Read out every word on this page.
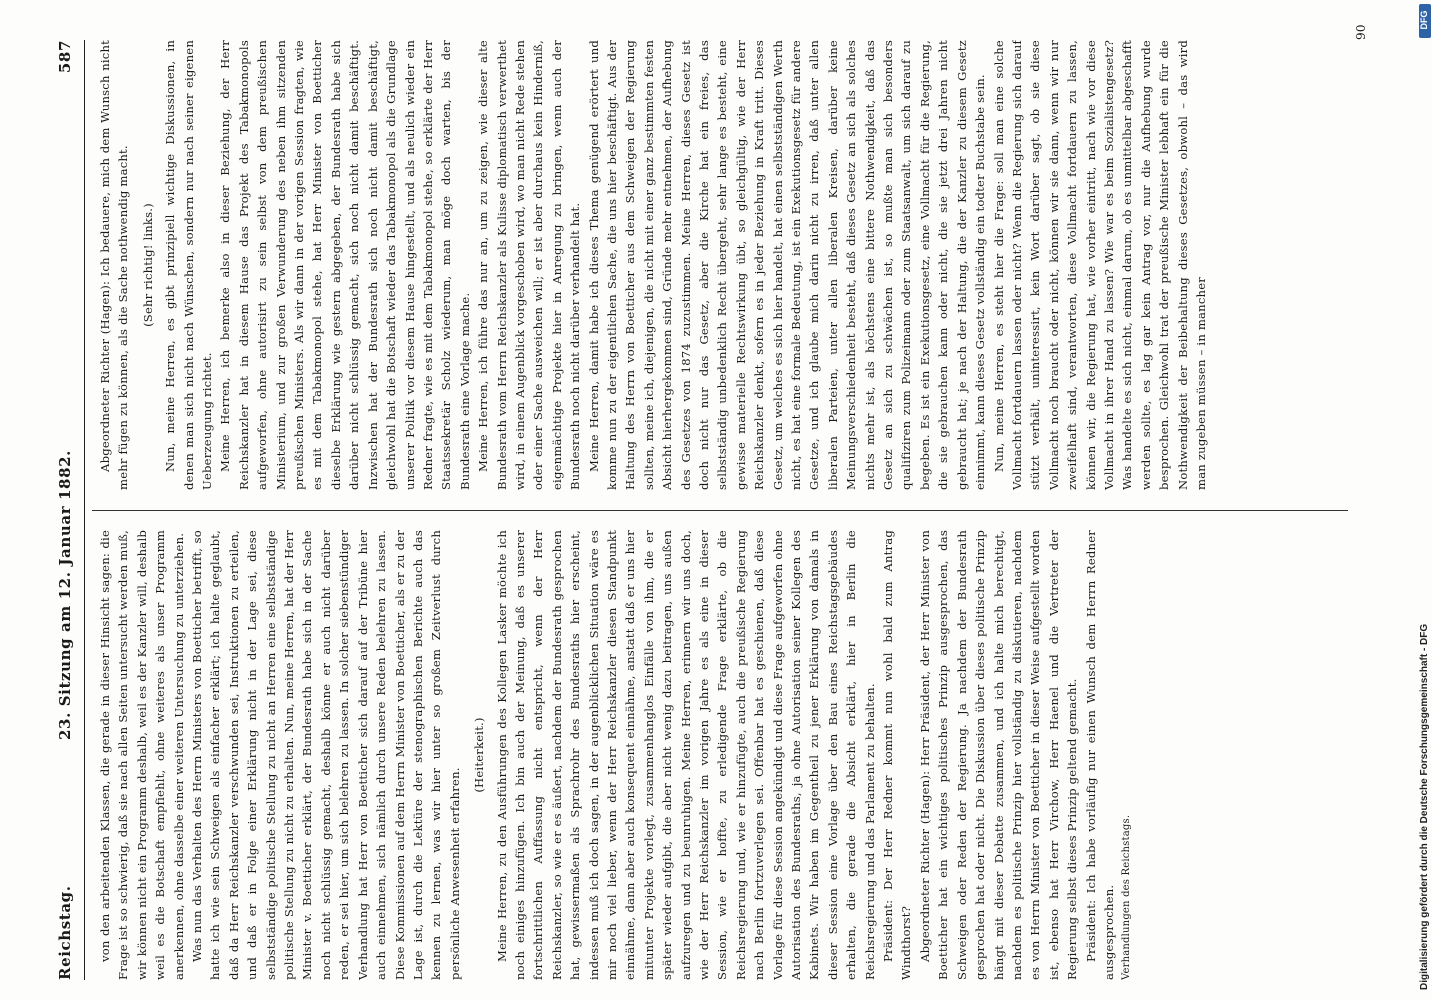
Reichstag.
23. Sitzung am 12. Januar 1882.
587

von den arbeitenden Klassen, die gerade in dieser Hinsicht sagen: die Frage ist so schwierig, daß sie nach allen Seiten untersucht werden muß, wir können nicht ein Programm deshalb, weil es der Kanzler will, deshalb weil es die Botschaft empfiehlt, ohne weiteres als unser Programm anerkennen, ohne dasselbe einer weiteren Untersuchung zu unterziehen. Was nun das Verhalten des Herrn Ministers von Boetticher betrifft, so hatte ich wie sein Schweigen als einfacher erklärt; ich halte geglaubt, daß da Herr Reichskanzler verschwunden sei, Instruktionen zu erteilen, und daß er in Folge einer Erklärung nicht in der Lage sei, diese selbstständige politische Stellung zu nicht an Herren eine selbstständige politische Stellung zu nicht zu erhalten. Nun, meine Herren, hat der Herr Minister v. Boetticher erklärt, der Bundesrath habe sich in der Sache noch nicht schlüssig gemacht, deshalb könne er auch nicht darüber reden, er sei hier, um sich belehren zu lassen. In solcher siebenstündiger Verhandlung hat Herr von Boetticher sich darauf auf der Tribüne hier auch einnehmen, sich nämlich durch unsere Reden belehren zu lassen. Diese Kommissionen auf dem Herrn Minister von Boetticher, als er zu der Lage ist, durch die Lektüre der stenographischen Berichte auch das kennen zu lernen, was wir hier unter so großem Zeitverlust durch persönliche Anwesenheit erfahren.

(Heiterkeit.) Meine Herren, zu den Ausführungen des Kollegen Lasker möchte ich noch einiges hinzufügen. Ich bin auch der Meinung, daß es unserer fortschrittlichen Auffassung nicht entspricht, wenn der Herr Reichskanzler, so wie er es äußert, nachdem der Bundesrath gesprochen hat, gewissermaßen als Sprachrohr des Bundesraths hier erscheint, indessen muß ich doch sagen, in der augenblicklichen Situation wäre es mir noch viel lieber, wenn der Herr Reichskanzler diesen Standpunkt einnähme, dann aber auch konsequent einnähme, anstatt daß er uns hier mitunter Projekte vorlegt, zusammenhanglos Einfälle von ihm, die er später wieder aufgibt, die aber nicht wenig dazu beitragen, uns außen aufzuregen und zu beunruhigen. Meine Herren, erinnern wir uns doch, wie der Herr Reichskanzler im vorigen Jahre es als eine in dieser Session, wie er hoffte, zu erledigende Frage erklärte, ob die Reichsregierung und, wie er hinzufügte, auch die preußische Regierung nach Berlin fortzuverlegen sei. Offenbar hat es geschienen, daß diese Vorlage für diese Session angekündigt und diese Frage aufgeworfen ohne Autorisation des Bundesraths, ja ohne Autorisation seiner Kollegen des Kabinets. Wir haben im Gegentheil zu jener Erklärung von damals in dieser Session eine Vorlage über den Bau eines Reichstagsgebäudes erhalten, die gerade die Absicht erklärt, hier in Berlin die Reichsregierung und das Parlament zu behalten. Präsident: Der Herr Redner kommt nun wohl bald zum Antrag Windthorst? Abgeordneter Richter (Hagen): Herr Präsident, der Herr Minister von Boetticher hat ein wichtiges politisches Prinzip ausgesprochen, das Schweigen oder Reden der Regierung. Ja nachdem der Bundesrath gesprochen hat oder nicht. Die Diskussion über dieses politische Prinzip hängt mit dieser Debatte zusammen, und ich halte mich berechtigt, nachdem es politische Prinzip hier vollständig zu diskutieren, nachdem es von Herrn Minister von Boetticher in dieser Weise aufgestellt worden ist, ebenso hat Herr Virchow, Herr Haenel und die Vertreter der Regierung selbst dieses Prinzip geltend gemacht. Präsident: Ich habe vorläufig nur einen Wunsch dem Herrn Redner ausgesprochen. Verhandlungen des Reichstags.

Abgeordneter Richter (Hagen): Ich bedauere, mich dem Wunsch nicht mehr fügen zu können, als die Sache nothwendig macht. (Sehr richtig! links.) Nun, meine Herren, es gibt prinzipiell wichtige Diskussionen, in denen man sich nicht nach Wünschen, sondern nur nach seiner eigenen Ueberzeugung richtet. Meine Herren, ich bemerke also in dieser Beziehung, der Herr Reichskanzler hat in diesem Hause das Projekt des Tabakmonopols aufgeworfen, ohne autorisirt zu sein selbst von dem preußischen Ministerium, und zur großen Verwunderung des neben ihm sitzenden preußischen Ministers. Als wir dann in der vorigen Session fragten, wie es mit dem Tabakmonopol stehe, hat Herr Minister von Boetticher dieselbe Erklärung wie gestern abgegeben, der Bundesrath habe sich darüber nicht schlüssig gemacht, sich noch nicht damit beschäftigt. Inzwischen hat der Bundesrath sich noch nicht damit beschäftigt, gleichwohl hat die Botschaft wieder das Tabakmonopol als die Grundlage unserer Politik vor diesem Hause hingestellt, und als neulich wieder ein Redner fragte, wie es mit dem Tabakmonopol stehe, so erklärte der Herr Staatssekretär Scholz wiederum, man möge doch warten, bis der Bundesrath eine Vorlage mache. Meine Herren, ich führe das nur an, um zu zeigen, wie dieser alte Bundesrath vom Herrn Reichskanzler als Kulisse diplomatisch verwerthet wird, in einem Augenblick vorgeschoben wird, wo man nicht Rede stehen oder einer Sache ausweichen will; er ist aber durchaus kein Hinderniß, eigenmächtige Projekte hier in Anregung zu bringen, wenn auch der Bundesrath noch nicht darüber verhandelt hat. Meine Herren, damit habe ich dieses Thema genügend erörtert und komme nun zu der eigentlichen Sache, die uns hier beschäftigt. Aus der Haltung des Herrn von Boetticher aus dem Schweigen der Regierung sollten, meine ich, diejenigen, die nicht mit einer ganz bestimmten festen Absicht hierhergekommen sind, Gründe mehr entnehmen, der Aufhebung des Gesetzes von 1874 zuzustimmen. Meine Herren, dieses Gesetz ist doch nicht nur das Gesetz, aber die Kirche hat ein freies, das selbstständig unbedenklich Recht übergeht, sehr lange es besteht, eine gewisse materielle Rechtswirkung übt, so gleichgültig, wie der Herr Reichskanzler denkt, sofern es in jeder Beziehung in Kraft tritt. Dieses Gesetz, um welches es sich hier handelt, hat einen selbstständigen Werth nicht, es hat eine formale Bedeutung, ist ein Exekutionsgesetz für andere Gesetze, und ich glaube mich darin nicht zu irren, daß unter allen liberalen Parteien, unter allen liberalen Kreisen, darüber keine Meinungsverschiedenheit besteht, daß dieses Gesetz an sich als solches nichts mehr ist, als höchstens eine bittere Nothwendigkeit, daß das Gesetz an sich zu schwächen ist, so mußte man sich besonders qualifiziren zum Polizeimann oder zum Staatsanwalt, um sich darauf zu begeben. Es ist ein Exekutionsgesetz, eine Vollmacht für die Regierung, die sie gebrauchen kann oder nicht, die sie jetzt drei Jahren nicht gebraucht hat; je nach der Haltung, die der Kanzler zu diesem Gesetz einnimmt, kann dieses Gesetz vollständig ein todter Buchstabe sein. Nun, meine Herren, es steht hier die Frage: soll man eine solche Vollmacht fortdauern lassen oder nicht? Wenn die Regierung sich darauf stützt verhält, uninteressirt, kein Wort darüber sagt, ob sie diese Vollmacht noch braucht oder nicht, können wir sie dann, wenn wir nur zweifelhaft sind, verantworten, diese Vollmacht fortdauern zu lassen, können wir, die Regierung hat, wie vorher eintritt, nach wie vor diese Vollmacht in ihrer Hand zu lassen? Wie war es beim Sozialistengesetz? Was handelte es sich nicht, einmal darum, ob es unmittelbar abgeschafft werden sollte, es lag gar kein Antrag vor, nur die Aufhebung wurde besprochen. Gleichwohl trat der preußische Minister lebhaft ein für die Nothwendigkeit der Beibehaltung dieses Gesetzes, obwohl – das wird man zugeben müssen – in mancher

90
Digitalisierung gefördert durch die Deutsche Forschungsgemeinschaft - DFG
DFG
